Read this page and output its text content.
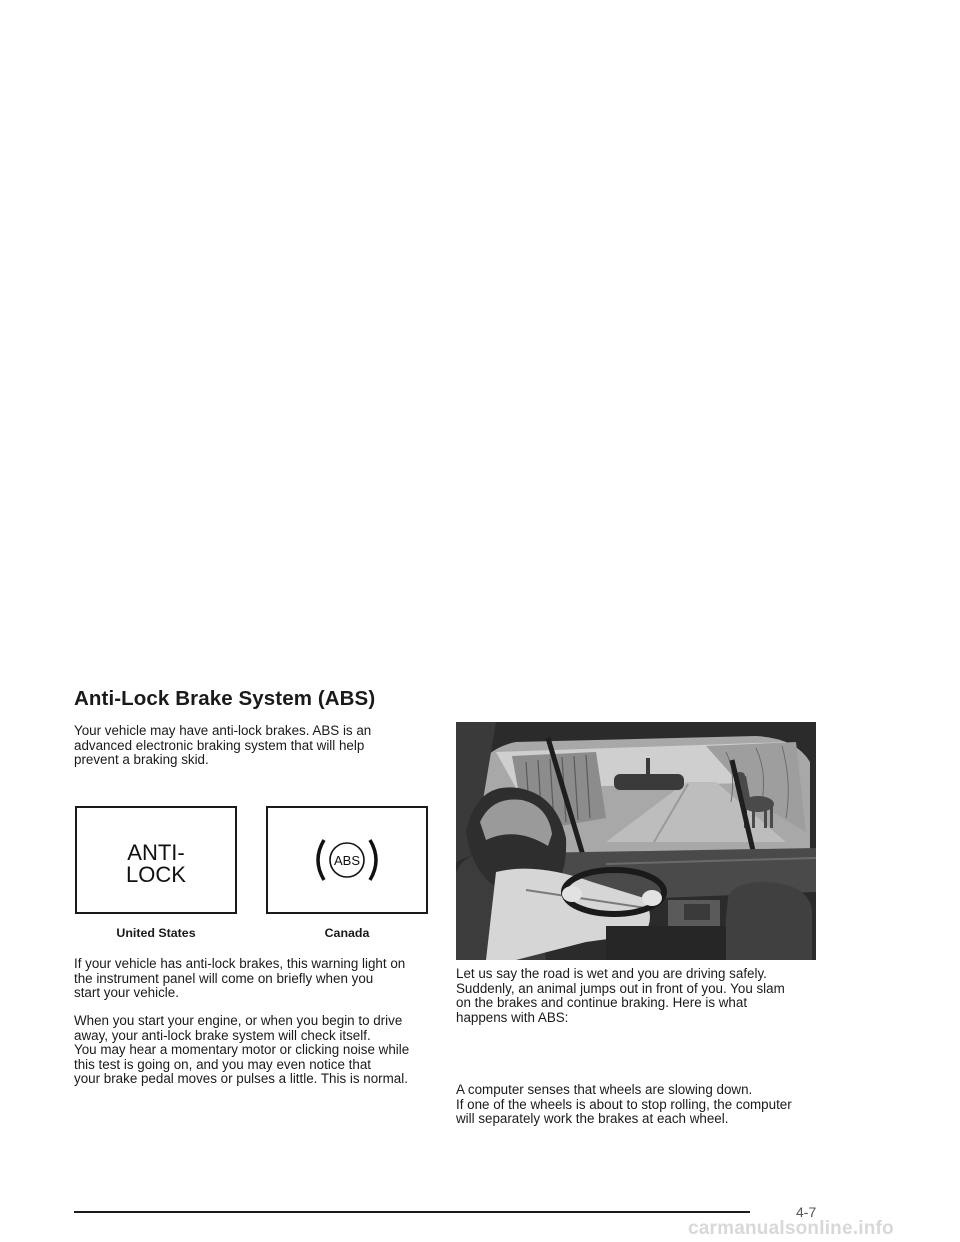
Anti-Lock Brake System (ABS)

Your vehicle may have anti-lock brakes. ABS is an
advanced electronic braking system that will help
prevent a braking skid.

ANTI-
LOCK
United States
ABS
Canada

If your vehicle has anti-lock brakes, this warning light on
the instrument panel will come on briefly when you
start your vehicle.

When you start your engine, or when you begin to drive
away, your anti-lock brake system will check itself.
You may hear a momentary motor or clicking noise while
this test is going on, and you may even notice that
your brake pedal moves or pulses a little. This is normal.

Let us say the road is wet and you are driving safely.
Suddenly, an animal jumps out in front of you. You slam
on the brakes and continue braking. Here is what
happens with ABS:

A computer senses that wheels are slowing down.
If one of the wheels is about to stop rolling, the computer
will separately work the brakes at each wheel.

4-7
carmanualsonline.info
